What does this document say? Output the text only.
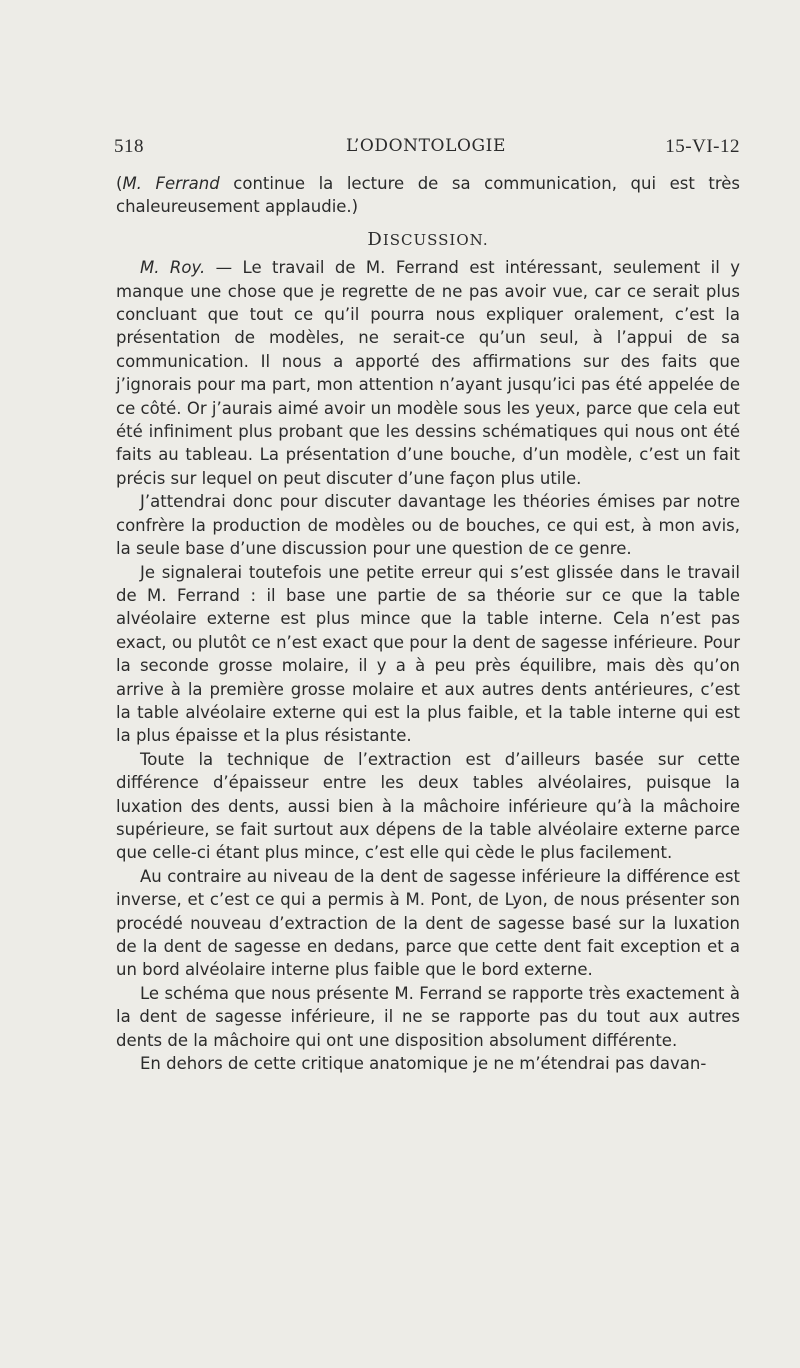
518	L’ODONTOLOGIE	15-VI-12

(M. Ferrand continue la lecture de sa communication, qui est très chaleureusement applaudie.)

DISCUSSION.

M. Roy. — Le travail de M. Ferrand est intéressant, seulement il y manque une chose que je regrette de ne pas avoir vue, car ce serait plus concluant que tout ce qu’il pourra nous expliquer oralement, c’est la présentation de modèles, ne serait-ce qu’un seul, à l’appui de sa communication. Il nous a apporté des affirmations sur des faits que j’ignorais pour ma part, mon attention n’ayant jusqu’ici pas été appelée de ce côté. Or j’aurais aimé avoir un modèle sous les yeux, parce que cela eut été infiniment plus probant que les dessins schématiques qui nous ont été faits au tableau. La présentation d’une bouche, d’un modèle, c’est un fait précis sur lequel on peut discuter d’une façon plus utile.

J’attendrai donc pour discuter davantage les théories émises par notre confrère la production de modèles ou de bouches, ce qui est, à mon avis, la seule base d’une discussion pour une question de ce genre.

Je signalerai toutefois une petite erreur qui s’est glissée dans le travail de M. Ferrand : il base une partie de sa théorie sur ce que la table alvéolaire externe est plus mince que la table interne. Cela n’est pas exact, ou plutôt ce n’est exact que pour la dent de sagesse inférieure. Pour la seconde grosse molaire, il y a à peu près équilibre, mais dès qu’on arrive à la première grosse molaire et aux autres dents antérieures, c’est la table alvéolaire externe qui est la plus faible, et la table interne qui est la plus épaisse et la plus résistante.

Toute la technique de l’extraction est d’ailleurs basée sur cette différence d’épaisseur entre les deux tables alvéolaires, puisque la luxation des dents, aussi bien à la mâchoire inférieure qu’à la mâchoire supérieure, se fait surtout aux dépens de la table alvéolaire externe parce que celle-ci étant plus mince, c’est elle qui cède le plus facilement.

Au contraire au niveau de la dent de sagesse inférieure la différence est inverse, et c’est ce qui a permis à M. Pont, de Lyon, de nous présenter son procédé nouveau d’extraction de la dent de sagesse basé sur la luxation de la dent de sagesse en dedans, parce que cette dent fait exception et a un bord alvéolaire interne plus faible que le bord externe.

Le schéma que nous présente M. Ferrand se rapporte très exactement à la dent de sagesse inférieure, il ne se rapporte pas du tout aux autres dents de la mâchoire qui ont une disposition absolument différente.

En dehors de cette critique anatomique je ne m’étendrai pas davan-
